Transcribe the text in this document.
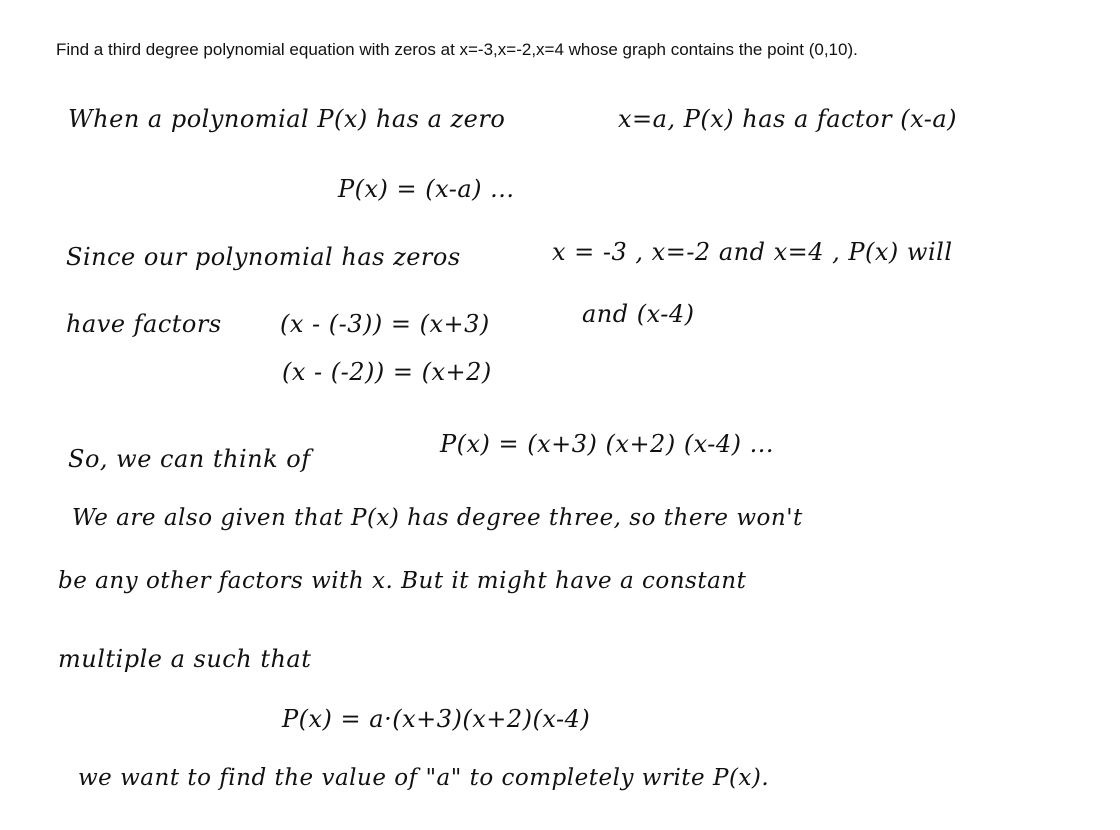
Find a third degree polynomial equation with zeros at x=-3,x=-2,x=4 whose graph contains the point (0,10).
When a polynomial P(x) has a zero	x=a, P(x) has a factor (x-a)
P(x) = (x-a) ...
Since our polynomial has zeros	x = -3 , x=-2 and x=4 , P(x) will
have factors (x - (-3)) = (x+3)	and (x-4)
(x - (-2)) = (x+2)
So, we can think of
P(x) = (x+3) (x+2) (x-4) ...
We are also given that P(x) has degree three, so there won't
be any other factors with x. But it might have a constant
multiple a such that
P(x) = a·(x+3)(x+2)(x-4)
we want to find the value of "a" to completely write P(x).
